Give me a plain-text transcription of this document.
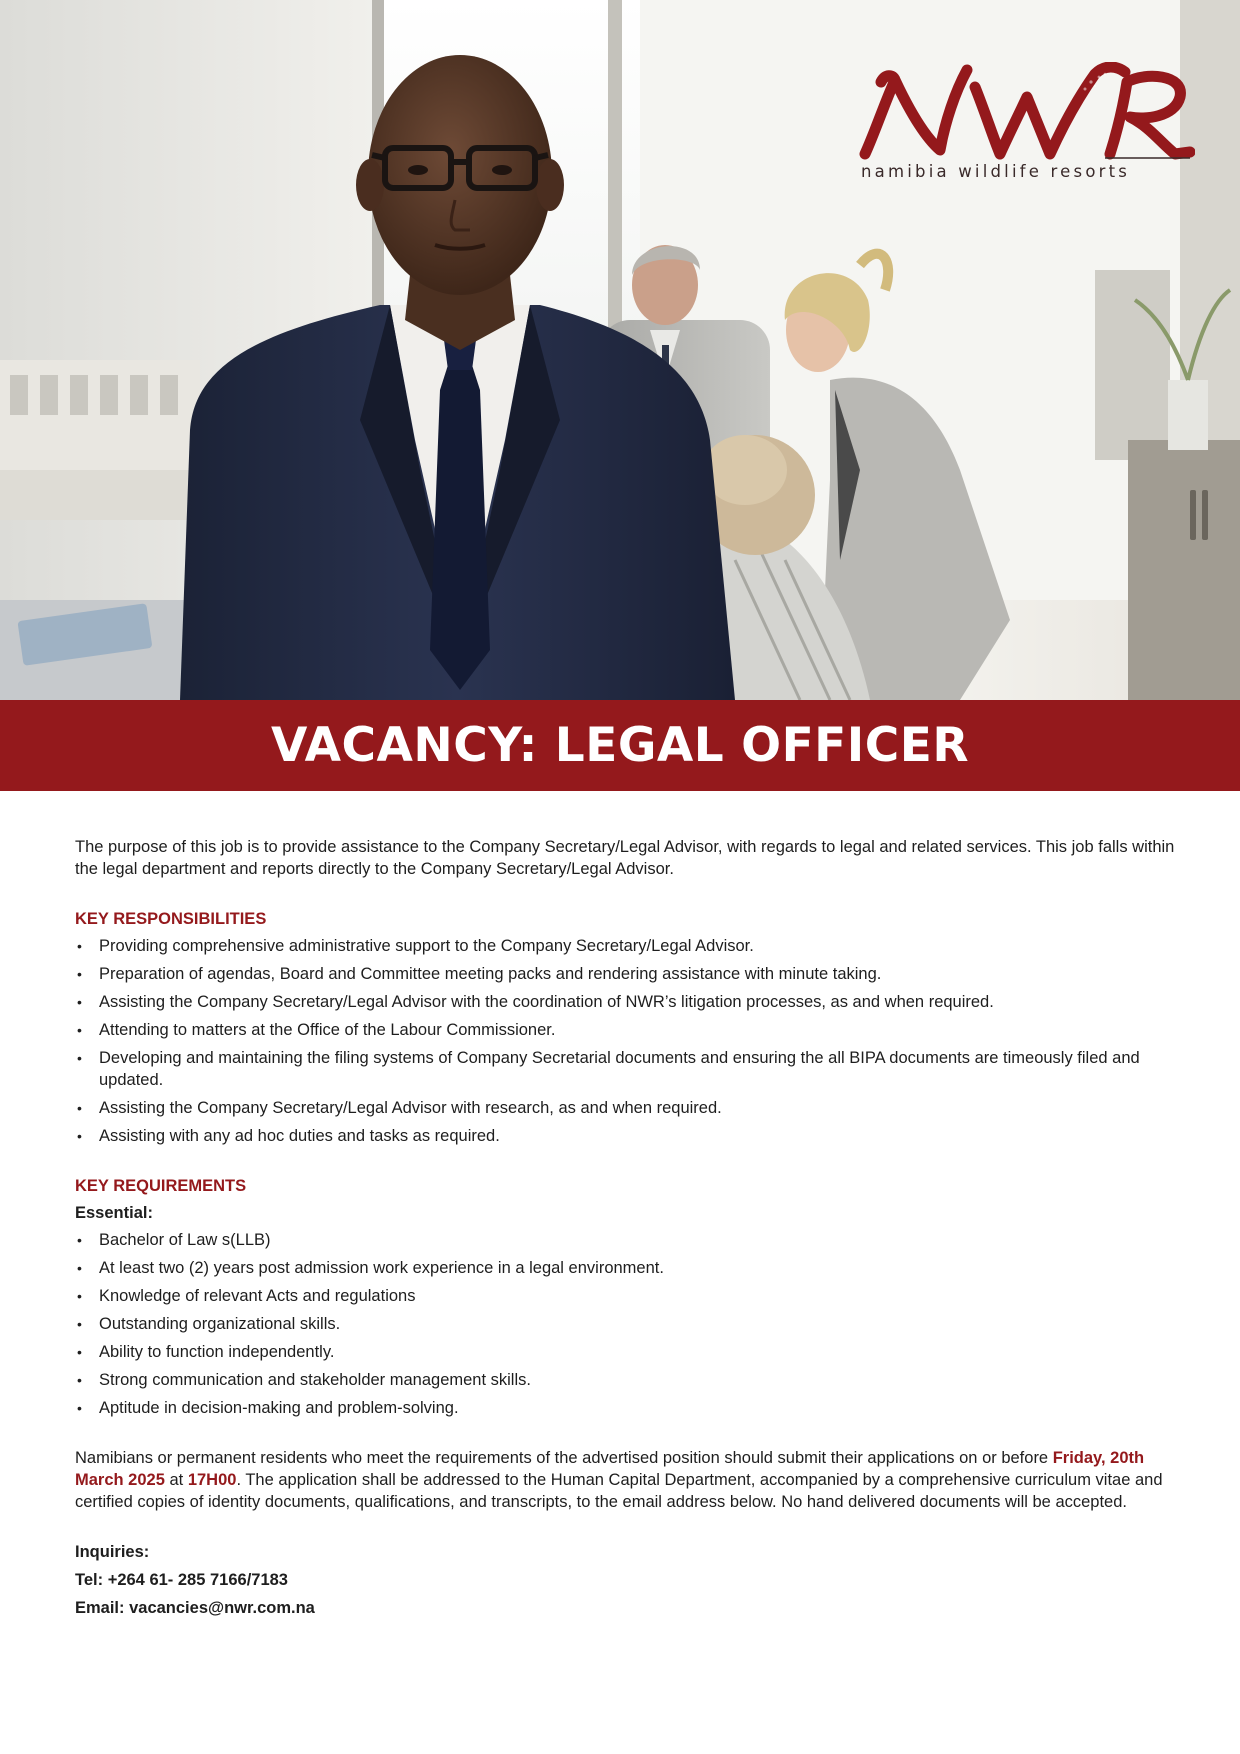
namibia wildlife resorts
VACANCY: LEGAL OFFICER

The purpose of this job is to provide assistance to the Company Secretary/Legal Advisor, with regards to legal and related services. This job falls within the legal department and reports directly to the Company Secretary/Legal Advisor.

KEY RESPONSIBILITIES
• Providing comprehensive administrative support to the Company Secretary/Legal Advisor.
• Preparation of agendas, Board and Committee meeting packs and rendering assistance with minute taking.
• Assisting the Company Secretary/Legal Advisor with the coordination of NWR’s litigation processes, as and when required.
• Attending to matters at the Office of the Labour Commissioner.
• Developing and maintaining the filing systems of Company Secretarial documents and ensuring the all BIPA documents are timeously filed and updated.
• Assisting the Company Secretary/Legal Advisor with research, as and when required.
• Assisting with any ad hoc duties and tasks as required.
KEY REQUIREMENTS
Essential:
• Bachelor of Law s(LLB)
• At least two (2) years post admission work experience in a legal environment.
• Knowledge of relevant Acts and regulations
• Outstanding organizational skills.
• Ability to function independently.
• Strong communication and stakeholder management skills.
• Aptitude in decision-making and problem-solving.

Namibians or permanent residents who meet the requirements of the advertised position should submit their applications on or before Friday, 20th March 2025 at 17H00. The application shall be addressed to the Human Capital Department, accompanied by a comprehensive curriculum vitae and certified copies of identity documents, qualifications, and transcripts, to the email address below. No hand delivered documents will be accepted.

Inquiries:
Tel: +264 61- 285 7166/7183
Email: vacancies@nwr.com.na
